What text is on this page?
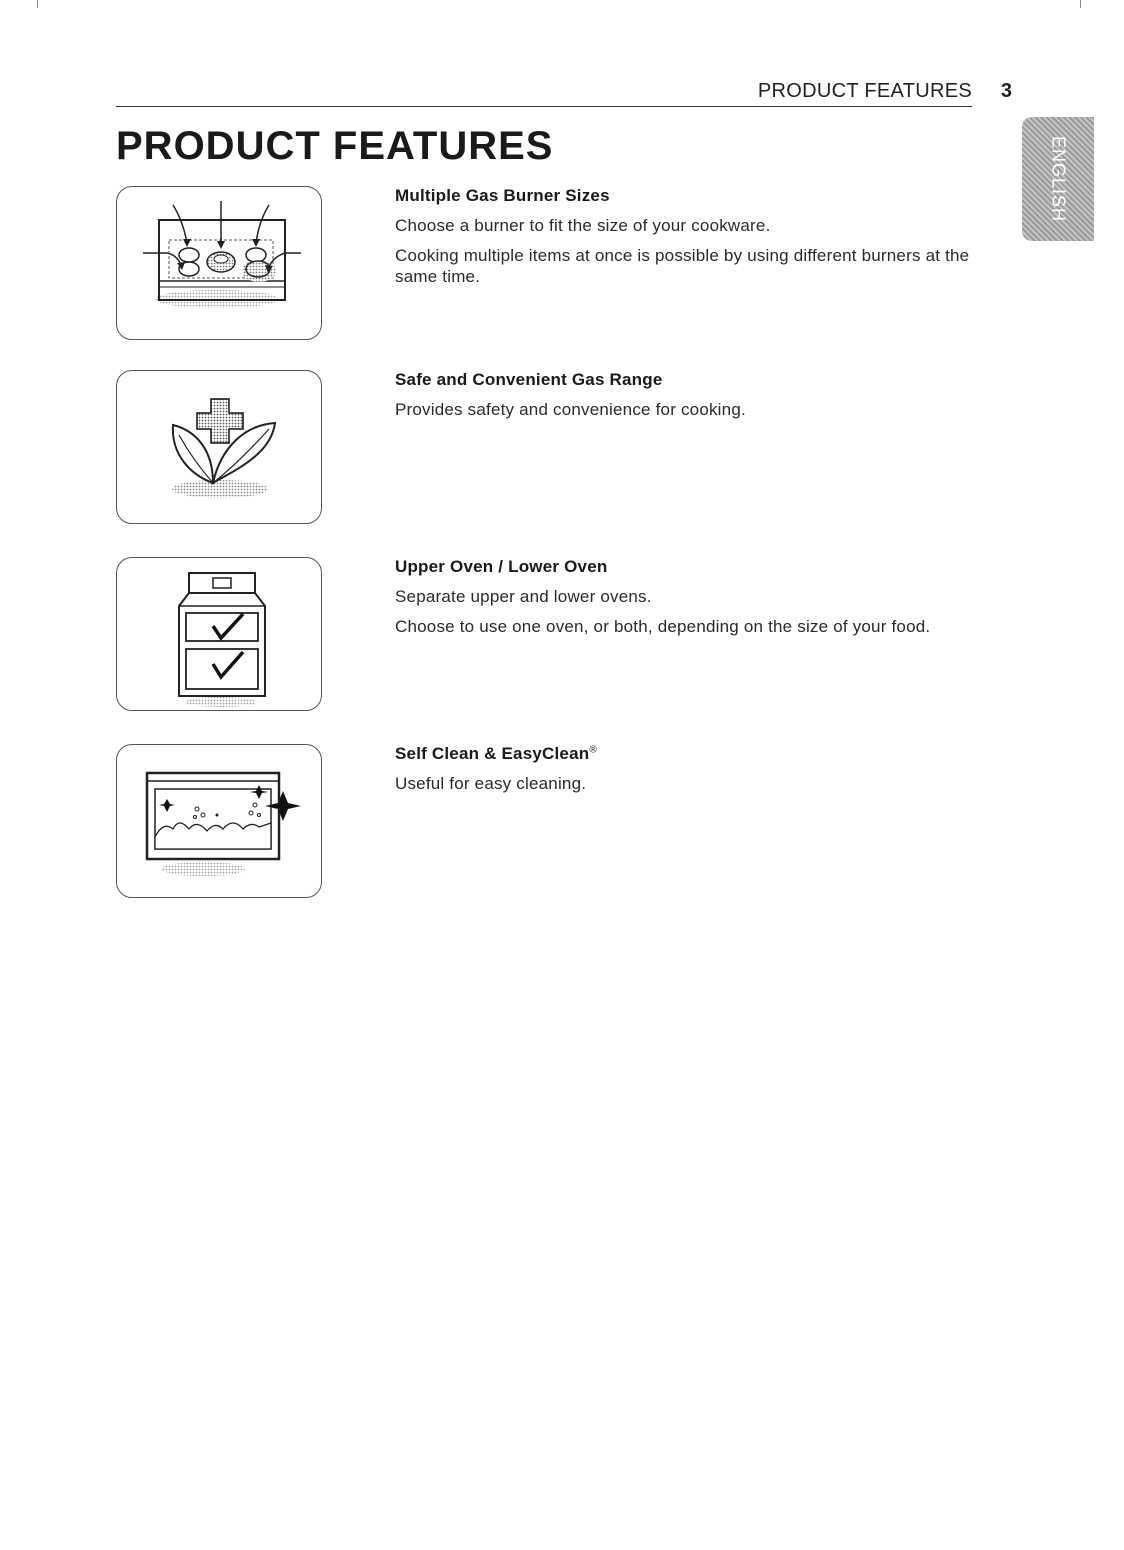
PRODUCT FEATURES 3
PRODUCT FEATURES	ENGLISH
Multiple Gas Burner Sizes

Choose a burner to fit the size of your cookware.

Cooking multiple items at once is possible by using different burners at the same time.

Safe and Convenient Gas Range

Provides safety and convenience for cooking.

Upper Oven / Lower Oven

Separate upper and lower ovens.

Choose to use one oven, or both, depending on the size of your food.

Self Clean & EasyClean®

Useful for easy cleaning.
